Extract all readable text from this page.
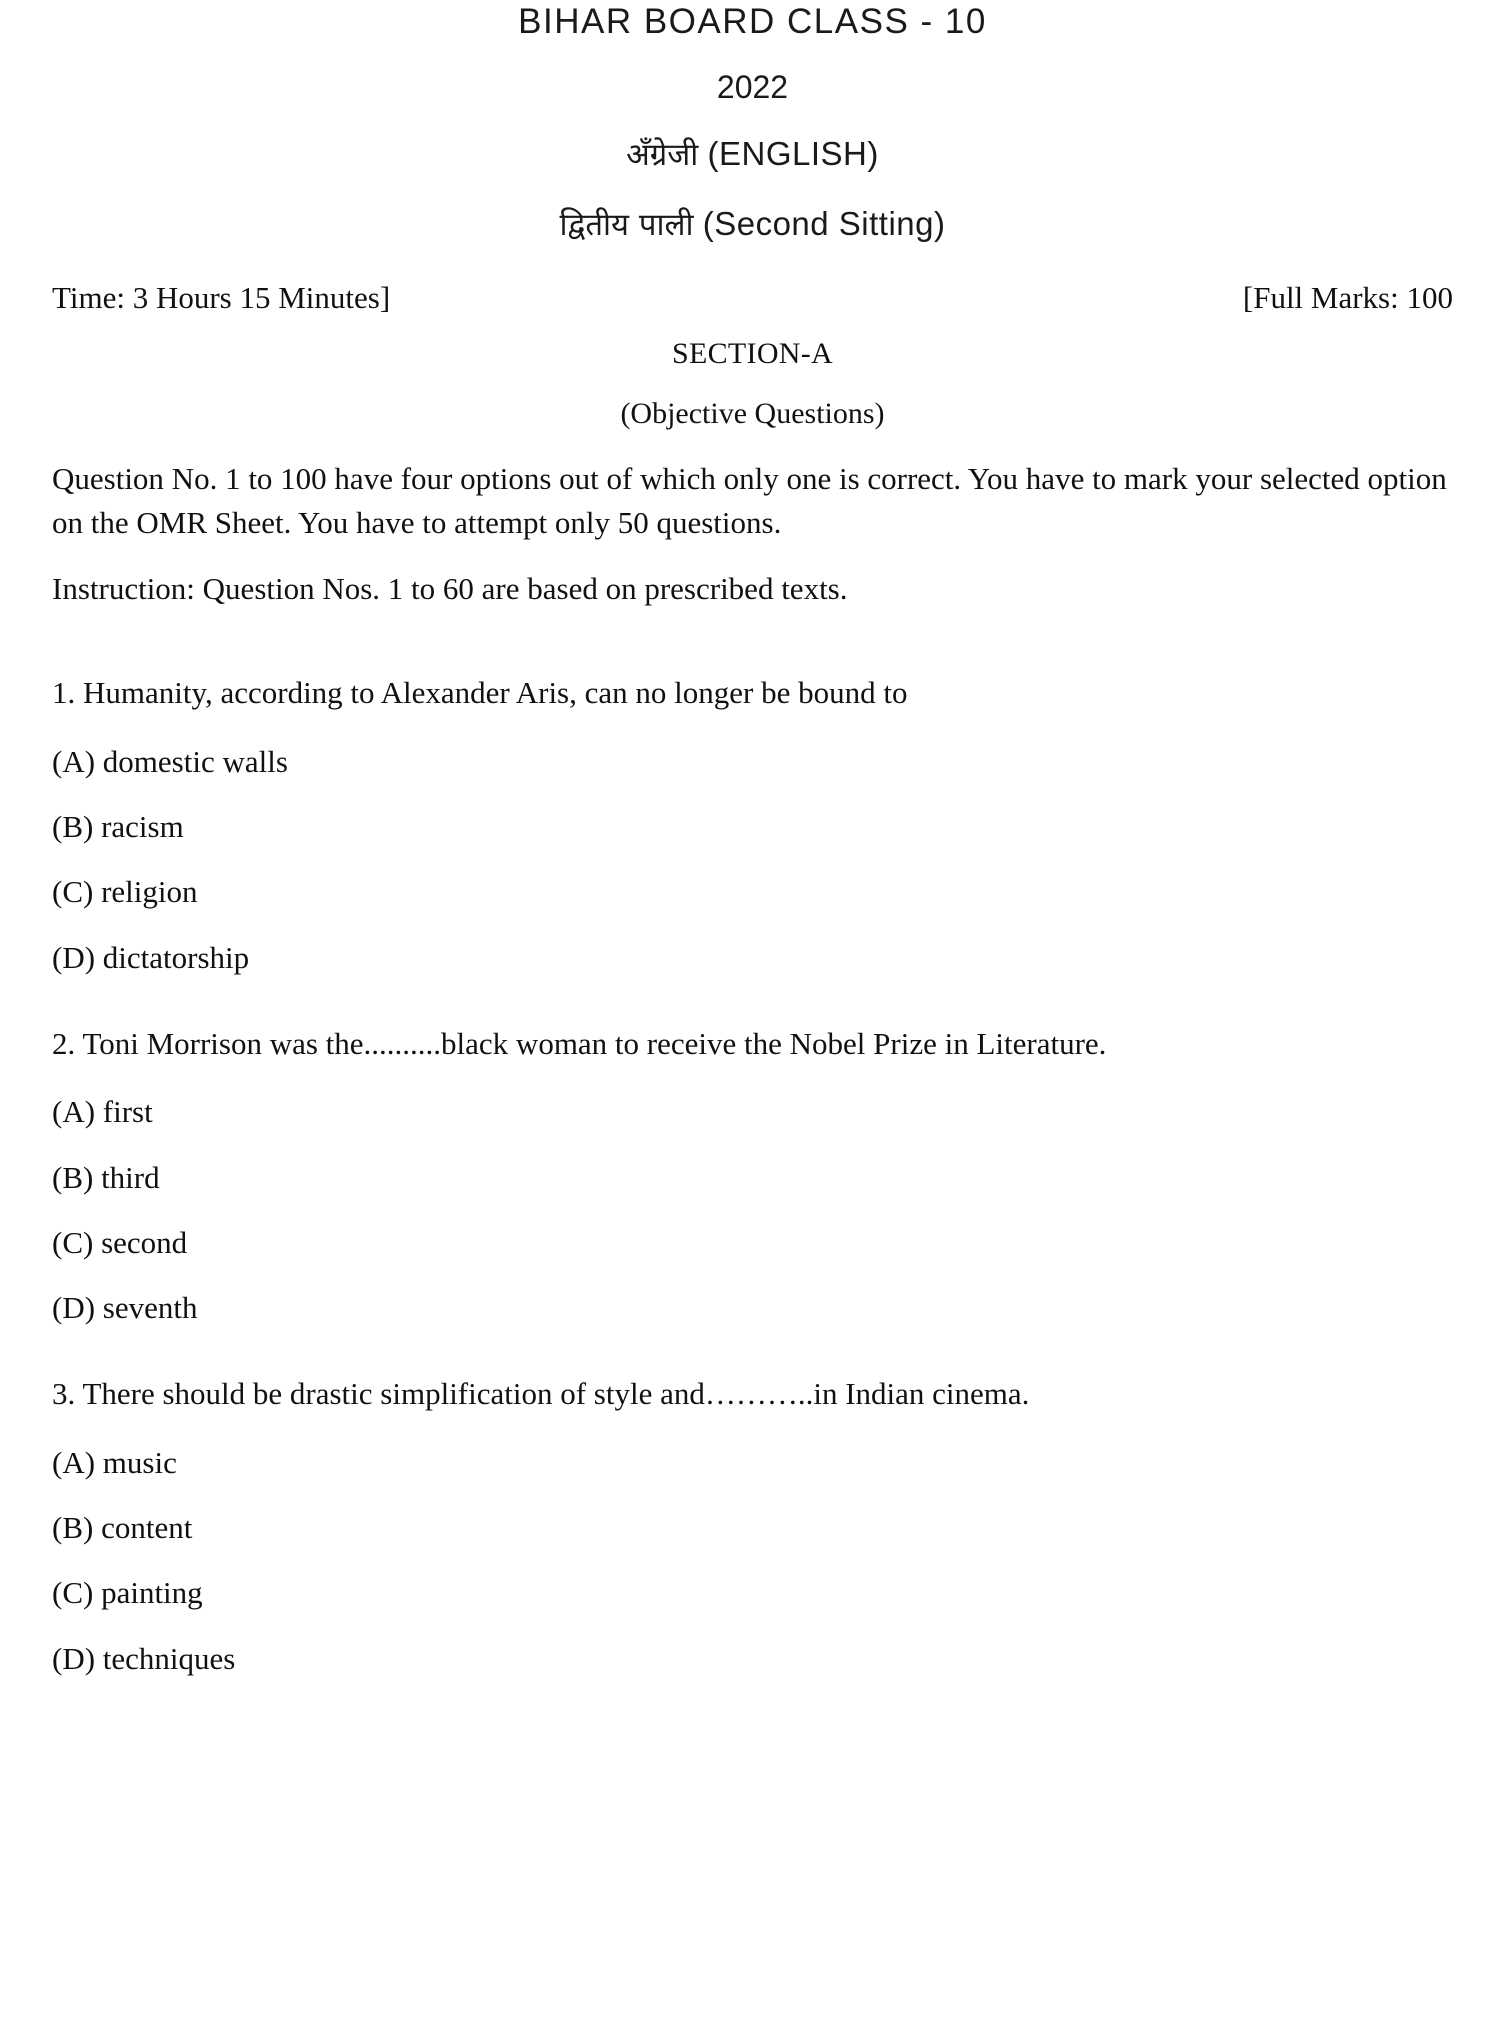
BIHAR BOARD CLASS - 10
2022
अँग्रेजी (ENGLISH)
द्वितीय पाली (Second Sitting)
Time: 3 Hours 15 Minutes]	[Full Marks: 100
SECTION-A
(Objective Questions)
Question No. 1 to 100 have four options out of which only one is correct. You have to mark your selected option on the OMR Sheet. You have to attempt only 50 questions.
Instruction: Question Nos. 1 to 60 are based on prescribed texts.
1. Humanity, according to Alexander Aris, can no longer be bound to
(A) domestic walls
(B) racism
(C) religion
(D) dictatorship
2. Toni Morrison was the..........black woman to receive the Nobel Prize in Literature.
(A) first
(B) third
(C) second
(D) seventh
3. There should be drastic simplification of style and………..in Indian cinema.
(A) music
(B) content
(C) painting
(D) techniques
